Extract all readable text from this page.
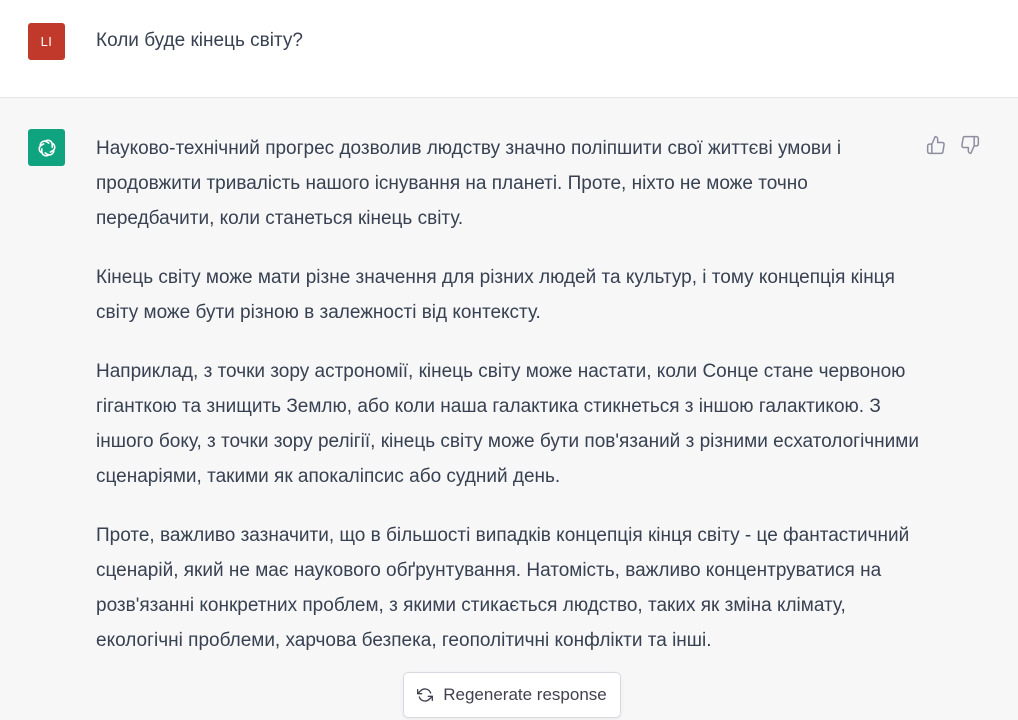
LI Коли буде кінець світу?

Науково-технічний прогрес дозволив людству значно поліпшити свої життєві умови і продовжити тривалість нашого існування на планеті. Проте, ніхто не може точно передбачити, коли станеться кінець світу.

Кінець світу може мати різне значення для різних людей та культур, і тому концепція кінця світу може бути різною в залежності від контексту.

Наприклад, з точки зору астрономії, кінець світу може настати, коли Сонце стане червоною гіганткою та знищить Землю, або коли наша галактика стикнеться з іншою галактикою. З іншого боку, з точки зору релігії, кінець світу може бути пов'язаний з різними есхатологічними сценаріями, такими як апокаліпсис або судний день.

Проте, важливо зазначити, що в більшості випадків концепція кінця світу - це фантастичний сценарій, який не має наукового обґрунтування. Натомість, важливо концентруватися на розв'язанні конкретних проблем, з якими стикається людство, таких як зміна клімату, екологічні проблеми, харчова безпека, геополітичні конфлікти та інші.

Regenerate response
